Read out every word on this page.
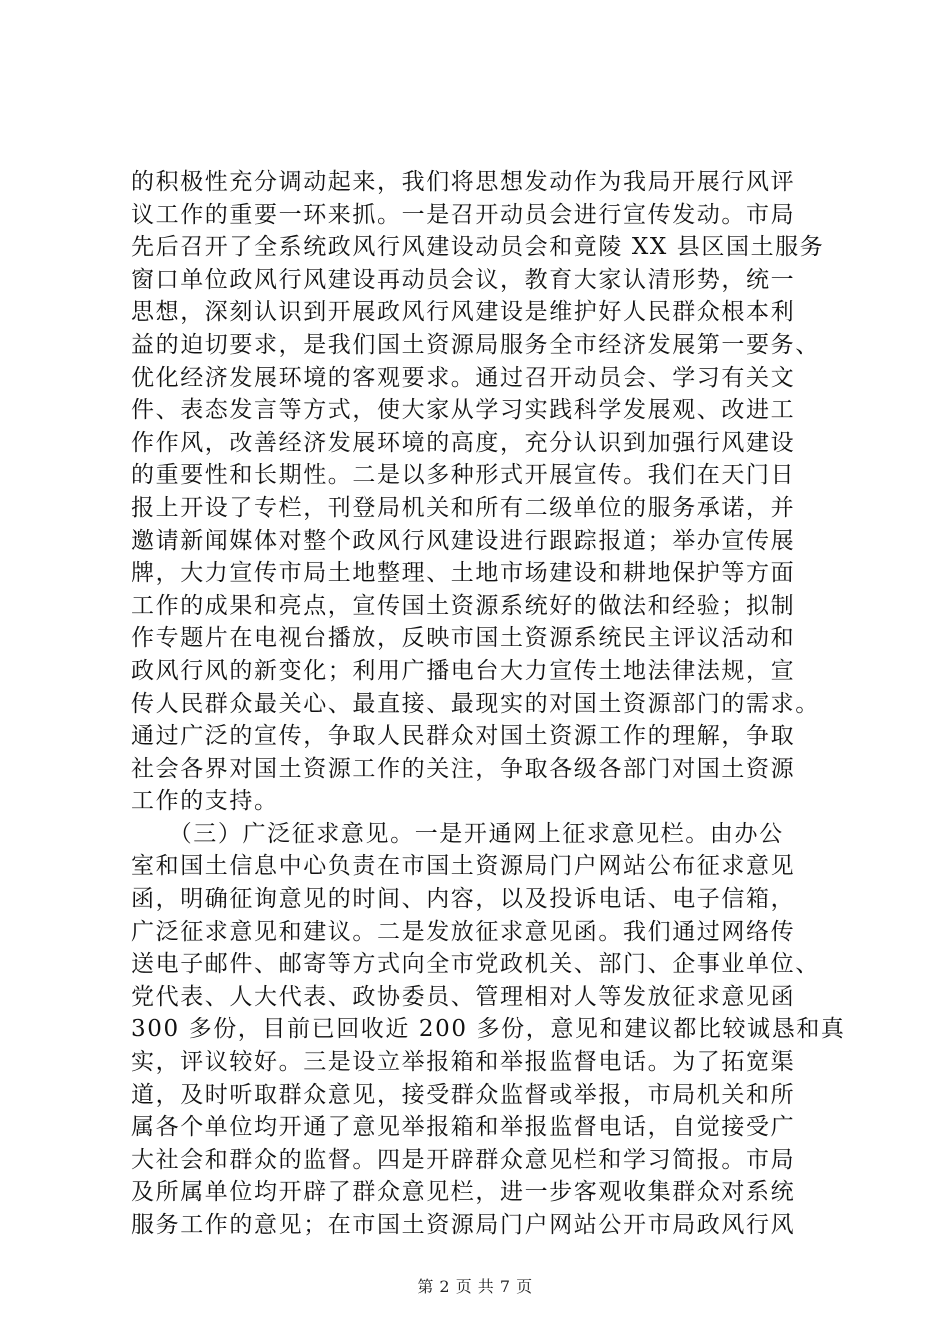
的积极性充分调动起来，我们将思想发动作为我局开展行风评
议工作的重要一环来抓。一是召开动员会进行宣传发动。市局
先后召开了全系统政风行风建设动员会和竟陵 XX 县区国土服务
窗口单位政风行风建设再动员会议，教育大家认清形势，统一
思想，深刻认识到开展政风行风建设是维护好人民群众根本利
益的迫切要求，是我们国土资源局服务全市经济发展第一要务、
优化经济发展环境的客观要求。通过召开动员会、学习有关文
件、表态发言等方式，使大家从学习实践科学发展观、改进工
作作风，改善经济发展环境的高度，充分认识到加强行风建设
的重要性和长期性。二是以多种形式开展宣传。我们在天门日
报上开设了专栏，刊登局机关和所有二级单位的服务承诺，并
邀请新闻媒体对整个政风行风建设进行跟踪报道；举办宣传展
牌，大力宣传市局土地整理、土地市场建设和耕地保护等方面
工作的成果和亮点，宣传国土资源系统好的做法和经验；拟制
作专题片在电视台播放，反映市国土资源系统民主评议活动和
政风行风的新变化；利用广播电台大力宣传土地法律法规，宣
传人民群众最关心、最直接、最现实的对国土资源部门的需求。
通过广泛的宣传，争取人民群众对国土资源工作的理解，争取
社会各界对国土资源工作的关注，争取各级各部门对国土资源
工作的支持。
　　（三）广泛征求意见。一是开通网上征求意见栏。由办公
室和国土信息中心负责在市国土资源局门户网站公布征求意见
函，明确征询意见的时间、内容，以及投诉电话、电子信箱，
广泛征求意见和建议。二是发放征求意见函。我们通过网络传
送电子邮件、邮寄等方式向全市党政机关、部门、企事业单位、
党代表、人大代表、政协委员、管理相对人等发放征求意见函
300 多份，目前已回收近 200 多份，意见和建议都比较诚恳和真
实，评议较好。三是设立举报箱和举报监督电话。为了拓宽渠
道，及时听取群众意见，接受群众监督或举报，市局机关和所
属各个单位均开通了意见举报箱和举报监督电话，自觉接受广
大社会和群众的监督。四是开辟群众意见栏和学习简报。市局
及所属单位均开辟了群众意见栏，进一步客观收集群众对系统
服务工作的意见；在市国土资源局门户网站公开市局政风行风
第 2 页 共 7 页
